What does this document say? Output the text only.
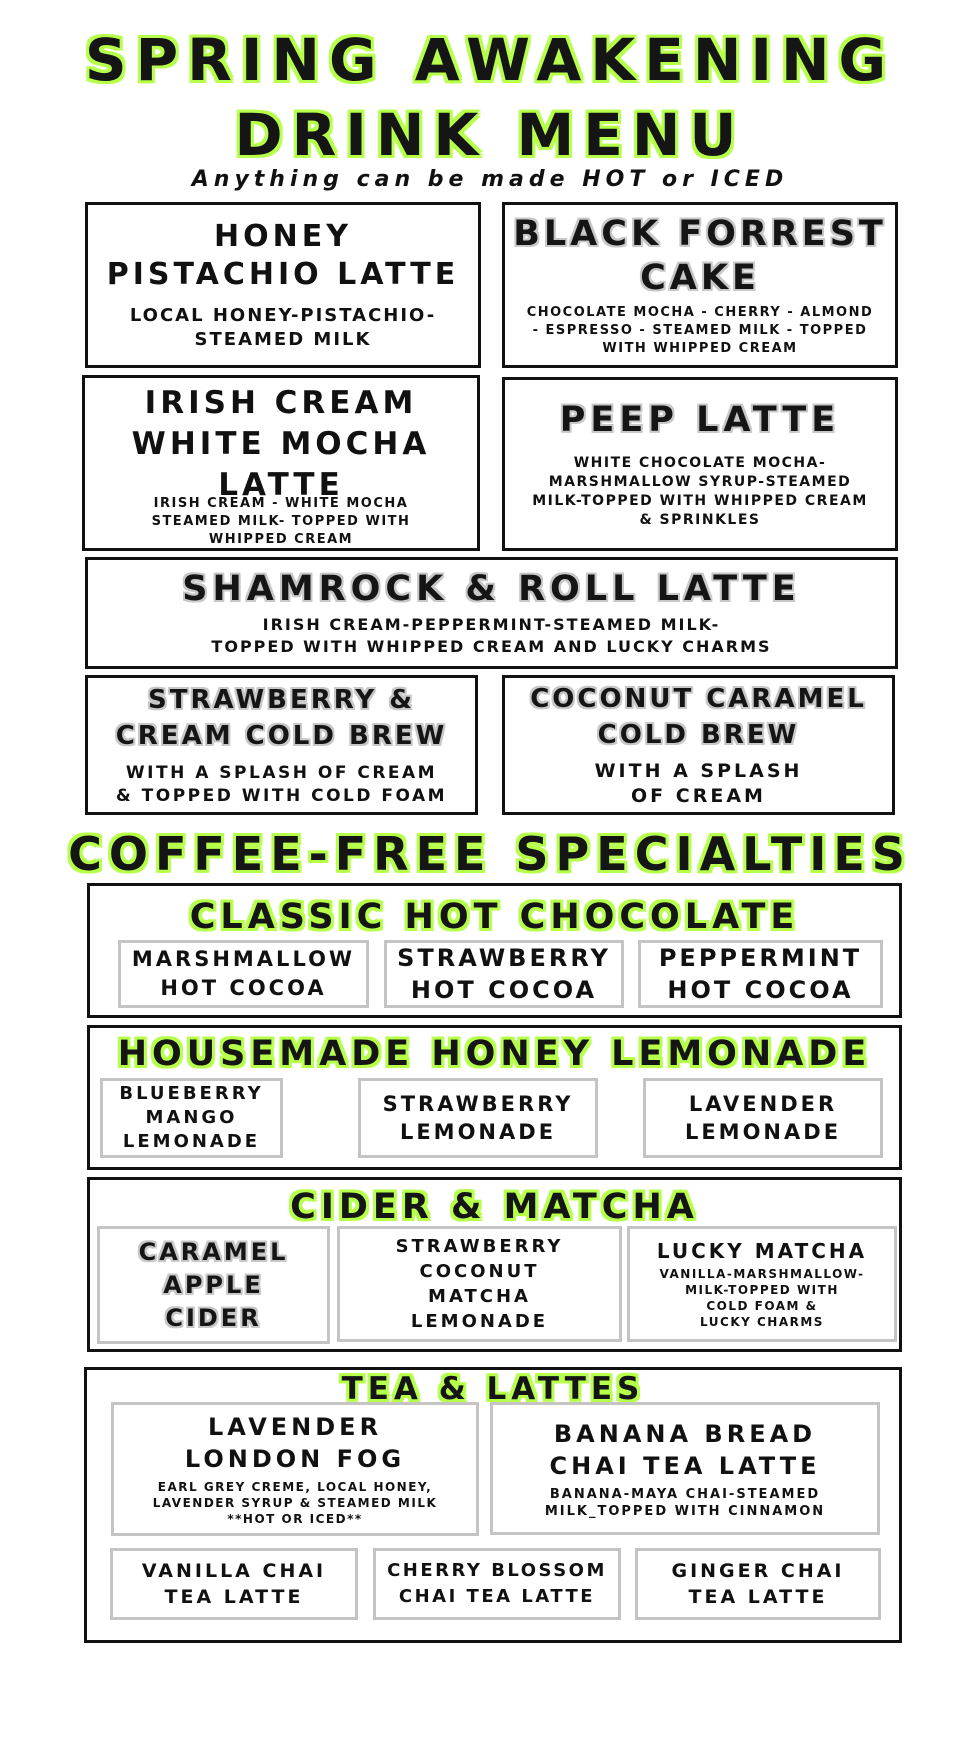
SPRING AWAKENING
DRINK MENU
Anything can be made HOT or ICED
HONEY
PISTACHIO LATTE
LOCAL HONEY-PISTACHIO-
STEAMED MILK
BLACK FORREST
CAKE
CHOCOLATE MOCHA - CHERRY - ALMOND
- ESPRESSO - STEAMED MILK - TOPPED
WITH WHIPPED CREAM
IRISH CREAM
WHITE MOCHA
LATTE
IRISH CREAM - WHITE MOCHA
STEAMED MILK- TOPPED WITH
WHIPPED CREAM
PEEP LATTE
WHITE CHOCOLATE MOCHA-
MARSHMALLOW SYRUP-STEAMED
MILK-TOPPED WITH WHIPPED CREAM
& SPRINKLES
SHAMROCK & ROLL LATTE
IRISH CREAM-PEPPERMINT-STEAMED MILK-
TOPPED WITH WHIPPED CREAM AND LUCKY CHARMS
STRAWBERRY &
CREAM COLD BREW
WITH A SPLASH OF CREAM
& TOPPED WITH COLD FOAM
COCONUT CARAMEL
COLD BREW
WITH A SPLASH
OF CREAM
COFFEE-FREE SPECIALTIES
CLASSIC HOT CHOCOLATE
MARSHMALLOW
HOT COCOA
STRAWBERRY
HOT COCOA
PEPPERMINT
HOT COCOA
HOUSEMADE HONEY LEMONADE
BLUEBERRY
MANGO
LEMONADE
STRAWBERRY
LEMONADE
LAVENDER
LEMONADE
CIDER & MATCHA
CARAMEL
APPLE
CIDER
STRAWBERRY
COCONUT
MATCHA
LEMONADE
LUCKY MATCHA
VANILLA-MARSHMALLOW-
MILK-TOPPED WITH
COLD FOAM &
LUCKY CHARMS
TEA & LATTES
LAVENDER
LONDON FOG
EARL GREY CREME, LOCAL HONEY,
LAVENDER SYRUP & STEAMED MILK
**HOT OR ICED**
BANANA BREAD
CHAI TEA LATTE
BANANA-MAYA CHAI-STEAMED
MILK_TOPPED WITH CINNAMON
VANILLA CHAI
TEA LATTE
CHERRY BLOSSOM
CHAI TEA LATTE
GINGER CHAI
TEA LATTE
